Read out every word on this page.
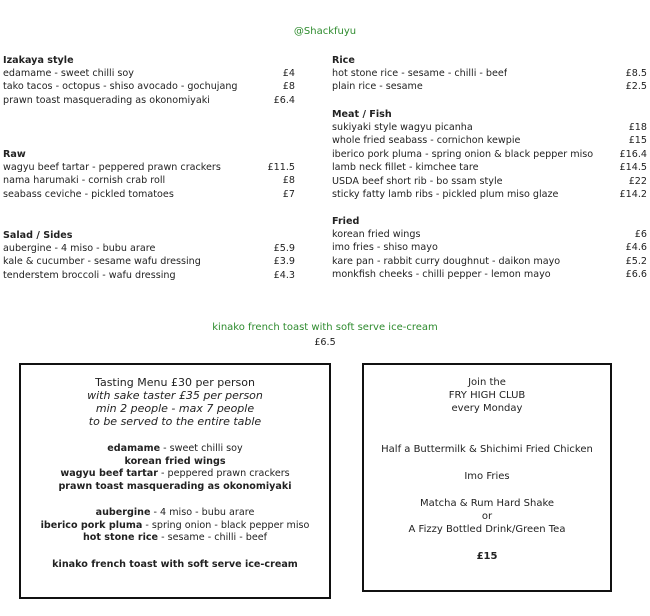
@Shackfuyu
Izakaya style
edamame - sweet chilli soy	£4
tako tacos - octopus - shiso avocado - gochujang	£8
prawn toast masquerading as okonomiyaki	£6.4
Raw
wagyu beef tartar - peppered prawn crackers	£11.5
nama harumaki - cornish crab roll	£8
seabass ceviche - pickled tomatoes	£7
Salad / Sides
aubergine - 4 miso - bubu arare	£5.9
kale & cucumber - sesame wafu dressing	£3.9
tenderstem broccoli - wafu dressing	£4.3
Rice
hot stone rice - sesame - chilli - beef	£8.5
plain rice - sesame	£2.5
Meat / Fish
sukiyaki style wagyu picanha	£18
whole fried seabass - cornichon kewpie	£15
iberico pork pluma - spring onion & black pepper miso	£16.4
lamb neck fillet - kimchee tare	£14.5
USDA beef short rib - bo ssam style	£22
sticky fatty lamb ribs - pickled plum miso glaze	£14.2
Fried
korean fried wings	£6
imo fries - shiso mayo	£4.6
kare pan - rabbit curry doughnut - daikon mayo	£5.2
monkfish cheeks - chilli pepper - lemon mayo	£6.6
kinako french toast with soft serve ice-cream
£6.5
Tasting Menu £30 per person
with sake taster £35 per person
min 2 people - max 7 people
to be served to the entire table
edamame - sweet chilli soy
korean fried wings
wagyu beef tartar - peppered prawn crackers
prawn toast masquerading as okonomiyaki
aubergine - 4 miso - bubu arare
iberico pork pluma - spring onion - black pepper miso
hot stone rice - sesame - chilli - beef
kinako french toast with soft serve ice-cream
Join the
FRY HIGH CLUB
every Monday
Half a Buttermilk & Shichimi Fried Chicken
Imo Fries
Matcha & Rum Hard Shake
or
A Fizzy Bottled Drink/Green Tea
£15
